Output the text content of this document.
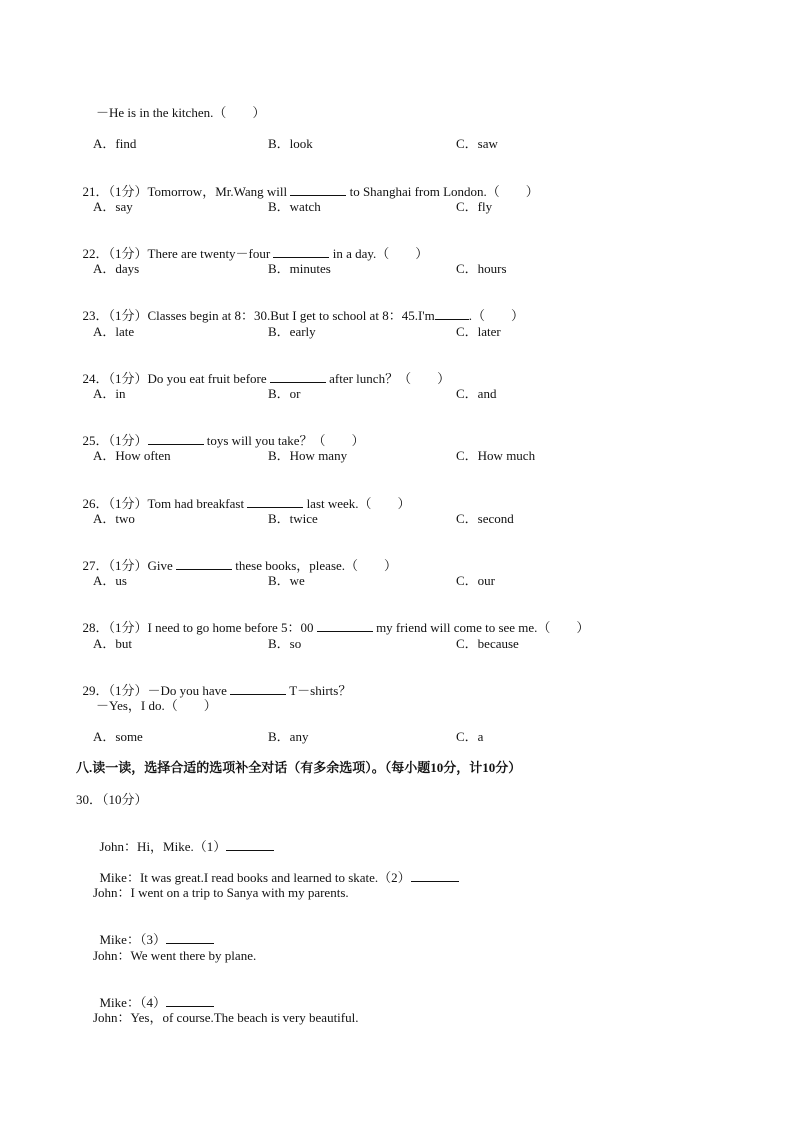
－He is in the kitchen.（　　）
A．find	B．look	C．saw

21．（1分）Tomorrow，Mr.Wang will	to Shanghai from London.（　　）

A．say	B．watch	C．fly

22．（1分）There are twenty－four	in a day.（　　）

A．days	B．minutes	C．hours

23．（1分）Classes begin at 8：30.But I get to school at 8：45.I'm	.（　　）

A．late	B．early	C．later

24．（1分）Do you eat fruit before	after lunch？（　　）

A．in	B．or	C．and

25．（1分）	toys will you take？（　　）

A．How often	B．How many	C．How much

26．（1分）Tom had breakfast	last week.（　　）

A．two	B．twice	C．second

27．（1分）Give	these books，please.（　　）

A．us	B．we	C．our

28．（1分）I need to go home before 5：00	my friend will come to see me.（　　）

A．but	B．so	C．because

29．（1分）－Do you have	T－shirts？

－Yes，I do.（　　）
A．some	B．any	C．a
八.读一读，选择合适的选项补全对话（有多余选项）。（每小题10分，计10分）
30．（10分）

John：Hi，Mike.（1）

Mike：It was great.I read books and learned to skate.（2）

John：I went on a trip to Sanya with my parents.

Mike：（3）

John：We went there by plane.

Mike：（4）

John：Yes，of course.The beach is very beautiful.
